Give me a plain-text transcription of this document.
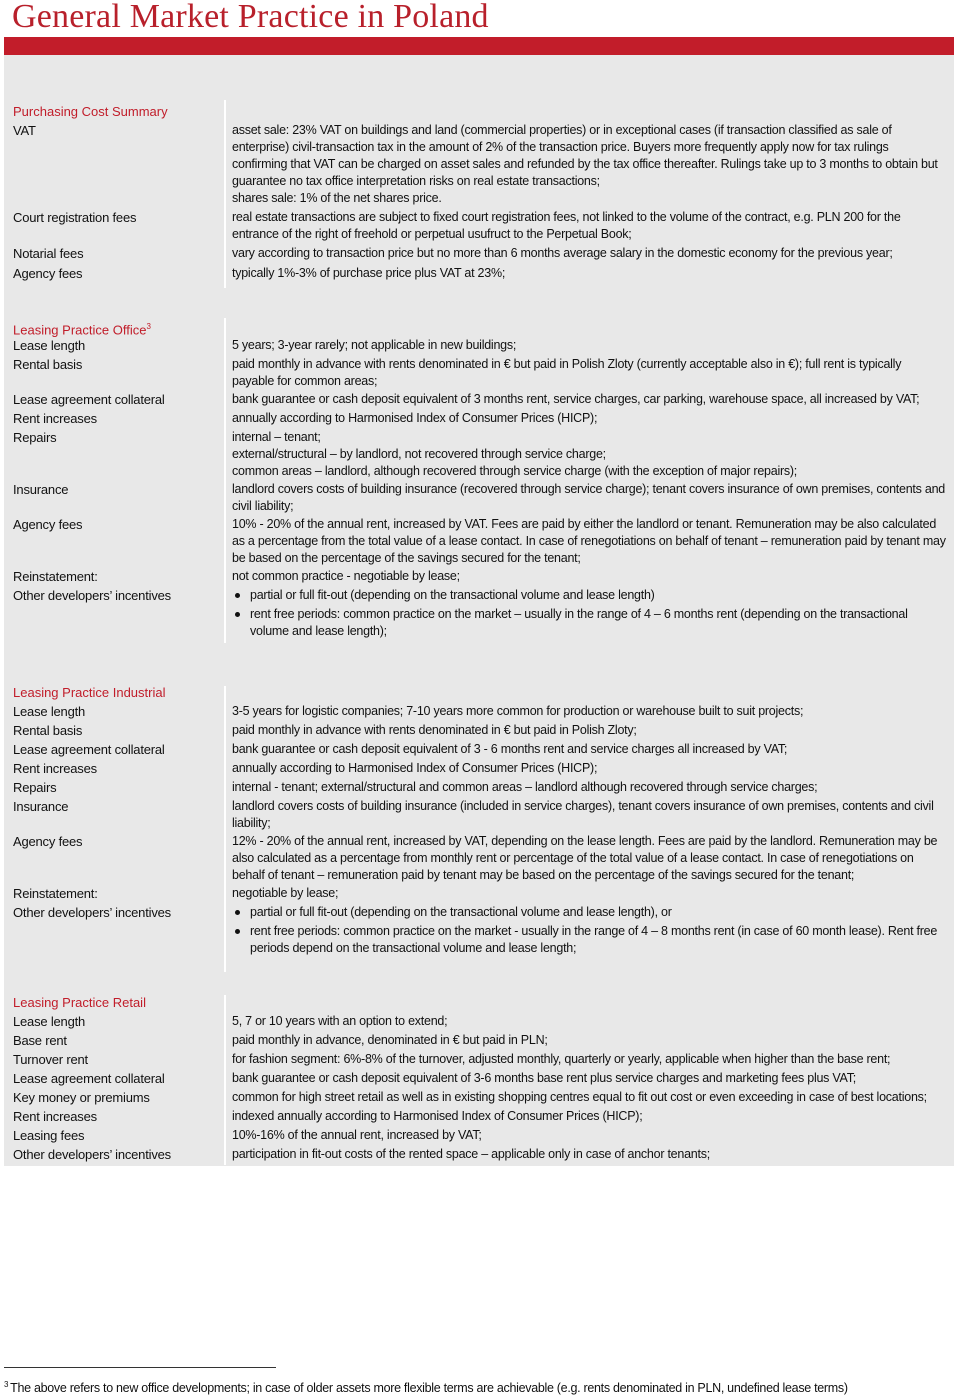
General Market Practice in Poland
Purchasing Cost Summary
VAT	asset sale: 23% VAT on buildings and land (commercial properties) or in exceptional cases (if transaction classified as sale of
enterprise) civil-transaction tax in the amount of 2% of the transaction price. Buyers more frequently apply now for tax rulings
confirming that VAT can be charged on asset sales and refunded by the tax office thereafter. Rulings take up to 3 months to obtain but
guarantee no tax office interpretation risks on real estate transactions;
shares sale: 1% of the net shares price.
Court registration fees	real estate transactions are subject to fixed court registration fees, not linked to the volume of the contract, e.g. PLN 200 for the
entrance of the right of freehold or perpetual usufruct to the Perpetual Book;
Notarial fees	vary according to transaction price but no more than 6 months average salary in the domestic economy for the previous year;
Agency fees	typically 1%-3% of purchase price plus VAT at 23%;
Leasing Practice Office$^3$
Lease length	5 years; 3-year rarely; not applicable in new buildings;
Rental basis	paid monthly in advance with rents denominated in € but paid in Polish Zloty (currently acceptable also in €); full rent is typically
payable for common areas;
Lease agreement collateral	bank guarantee or cash deposit equivalent of 3 months rent, service charges, car parking, warehouse space, all increased by VAT;
Rent increases	annually according to Harmonised Index of Consumer Prices (HICP);
Repairs	internal – tenant;
external/structural – by landlord, not recovered through service charge;
common areas – landlord, although recovered through service charge (with the exception of major repairs);
Insurance	landlord covers costs of building insurance (recovered through service charge); tenant covers insurance of own premises, contents and
civil liability;
Agency fees	10% - 20% of the annual rent, increased by VAT. Fees are paid by either the landlord or tenant. Remuneration may be also calculated
as a percentage from the total value of a lease contact. In case of renegotiations on behalf of tenant – remuneration paid by tenant may
be based on the percentage of the savings secured for the tenant;
Reinstatement:	not common practice - negotiable by lease;
Other developers’ incentives	partial or full fit-out (depending on the transactional volume and lease length)
rent free periods: common practice on the market – usually in the range of 4 – 6 months rent (depending on the transactional
volume and lease length);
Leasing Practice Industrial
Lease length	3-5 years for logistic companies; 7-10 years more common for production or warehouse built to suit projects;
Rental basis	paid monthly in advance with rents denominated in € but paid in Polish Zloty;
Lease agreement collateral	bank guarantee or cash deposit equivalent of 3 - 6 months rent and service charges all increased by VAT;
Rent increases	annually according to Harmonised Index of Consumer Prices (HICP);
Repairs	internal - tenant; external/structural and common areas – landlord although recovered through service charges;
Insurance	landlord covers costs of building insurance (included in service charges), tenant covers insurance of own premises, contents and civil
liability;
Agency fees	12% - 20% of the annual rent, increased by VAT, depending on the lease length. Fees are paid by the landlord. Remuneration may be
also calculated as a percentage from monthly rent or percentage of the total value of a lease contact. In case of renegotiations on
behalf of tenant – remuneration paid by tenant may be based on the percentage of the savings secured for the tenant;
Reinstatement:	negotiable by lease;
Other developers’ incentives	partial or full fit-out (depending on the transactional volume and lease length), or
rent free periods: common practice on the market - usually in the range of 4 – 8 months rent (in case of 60 month lease). Rent free
periods depend on the transactional volume and lease length;
Leasing Practice Retail
Lease length	5, 7 or 10 years with an option to extend;
Base rent	paid monthly in advance, denominated in € but paid in PLN;
Turnover rent	for fashion segment: 6%-8% of the turnover, adjusted monthly, quarterly or yearly, applicable when higher than the base rent;
Lease agreement collateral	bank guarantee or cash deposit equivalent of 3-6 months base rent plus service charges and marketing fees plus VAT;
Key money or premiums	common for high street retail as well as in existing shopping centres equal to fit out cost or even exceeding in case of best locations;
Rent increases	indexed annually according to Harmonised Index of Consumer Prices (HICP);
Leasing fees	10%-16% of the annual rent, increased by VAT;
Other developers’ incentives	participation in fit-out costs of the rented space – applicable only in case of anchor tenants;
$^3$ The above refers to new office developments; in case of older assets more flexible terms are achievable (e.g. rents denominated in PLN, undefined lease terms)
